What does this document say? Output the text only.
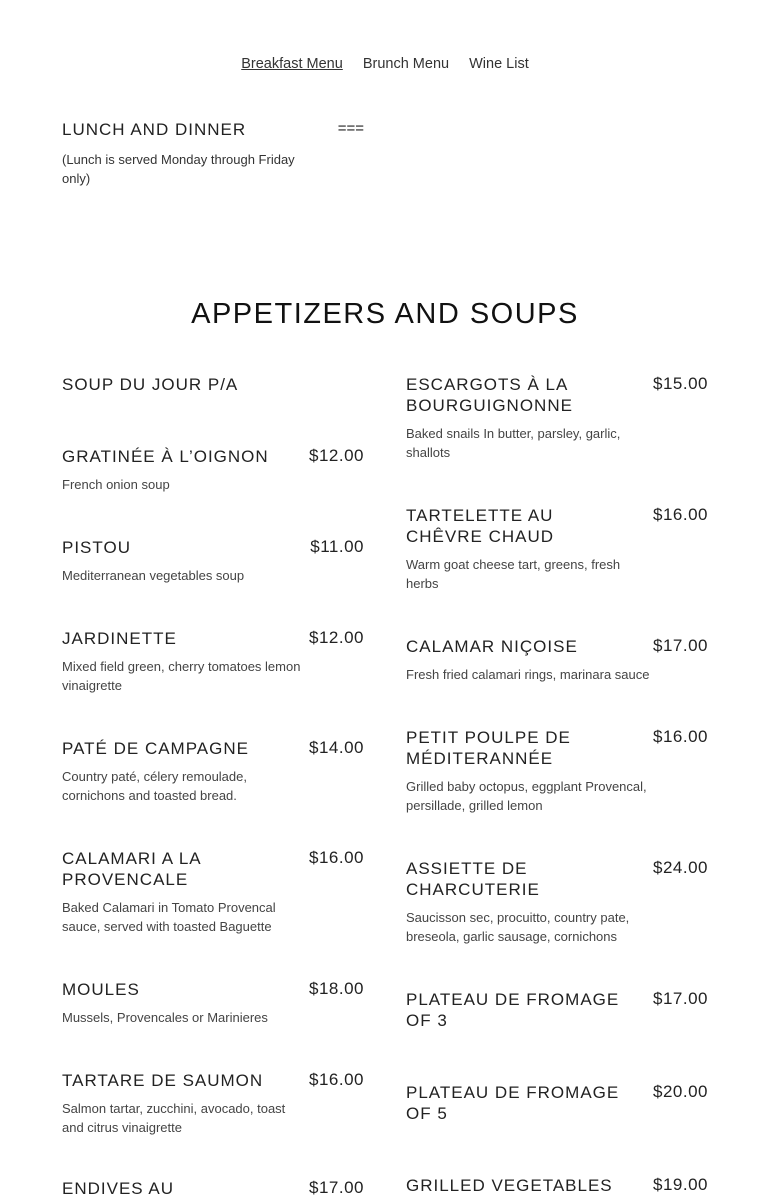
Breakfast Menu Brunch Menu Wine List
LUNCH AND DINNER	===
(Lunch is served Monday through Friday only)
APPETIZERS AND SOUPS
SOUP DU JOUR P/A
GRATINÉE À L’OIGNON	$12.00
French onion soup
PISTOU	$11.00
Mediterranean vegetables soup
JARDINETTE	$12.00
Mixed field green, cherry tomatoes lemon vinaigrette
PATÉ DE CAMPAGNE	$14.00
Country paté, célery remoulade, cornichons and toasted bread.
CALAMARI A LA PROVENCALE
$16.00
Baked Calamari in Tomato Provencal sauce, served with toasted Baguette
MOULES	$18.00
Mussels, Provencales or Marinieres
TARTARE DE SAUMON	$16.00
Salmon tartar, zucchini, avocado, toast and citrus vinaigrette
ENDIVES AU	$17.00
ESCARGOTS À LA BOURGUIGNONNE
$15.00
Baked snails In butter, parsley, garlic, shallots
TARTELETTE AU CHÊVRE CHAUD
$16.00
Warm goat cheese tart, greens, fresh herbs
CALAMAR NIÇOISE	$17.00
Fresh fried calamari rings, marinara sauce
PETIT POULPE DE MÉDITERANNÉE
$16.00
Grilled baby octopus, eggplant Provencal, persillade, grilled lemon
ASSIETTE DE CHARCUTERIE
$24.00
Saucisson sec, procuitto, country pate, breseola, garlic sausage, cornichons
PLATEAU DE FROMAGE OF 3
$17.00
PLATEAU DE FROMAGE OF 5
$20.00
GRILLED VEGETABLES	$19.00
